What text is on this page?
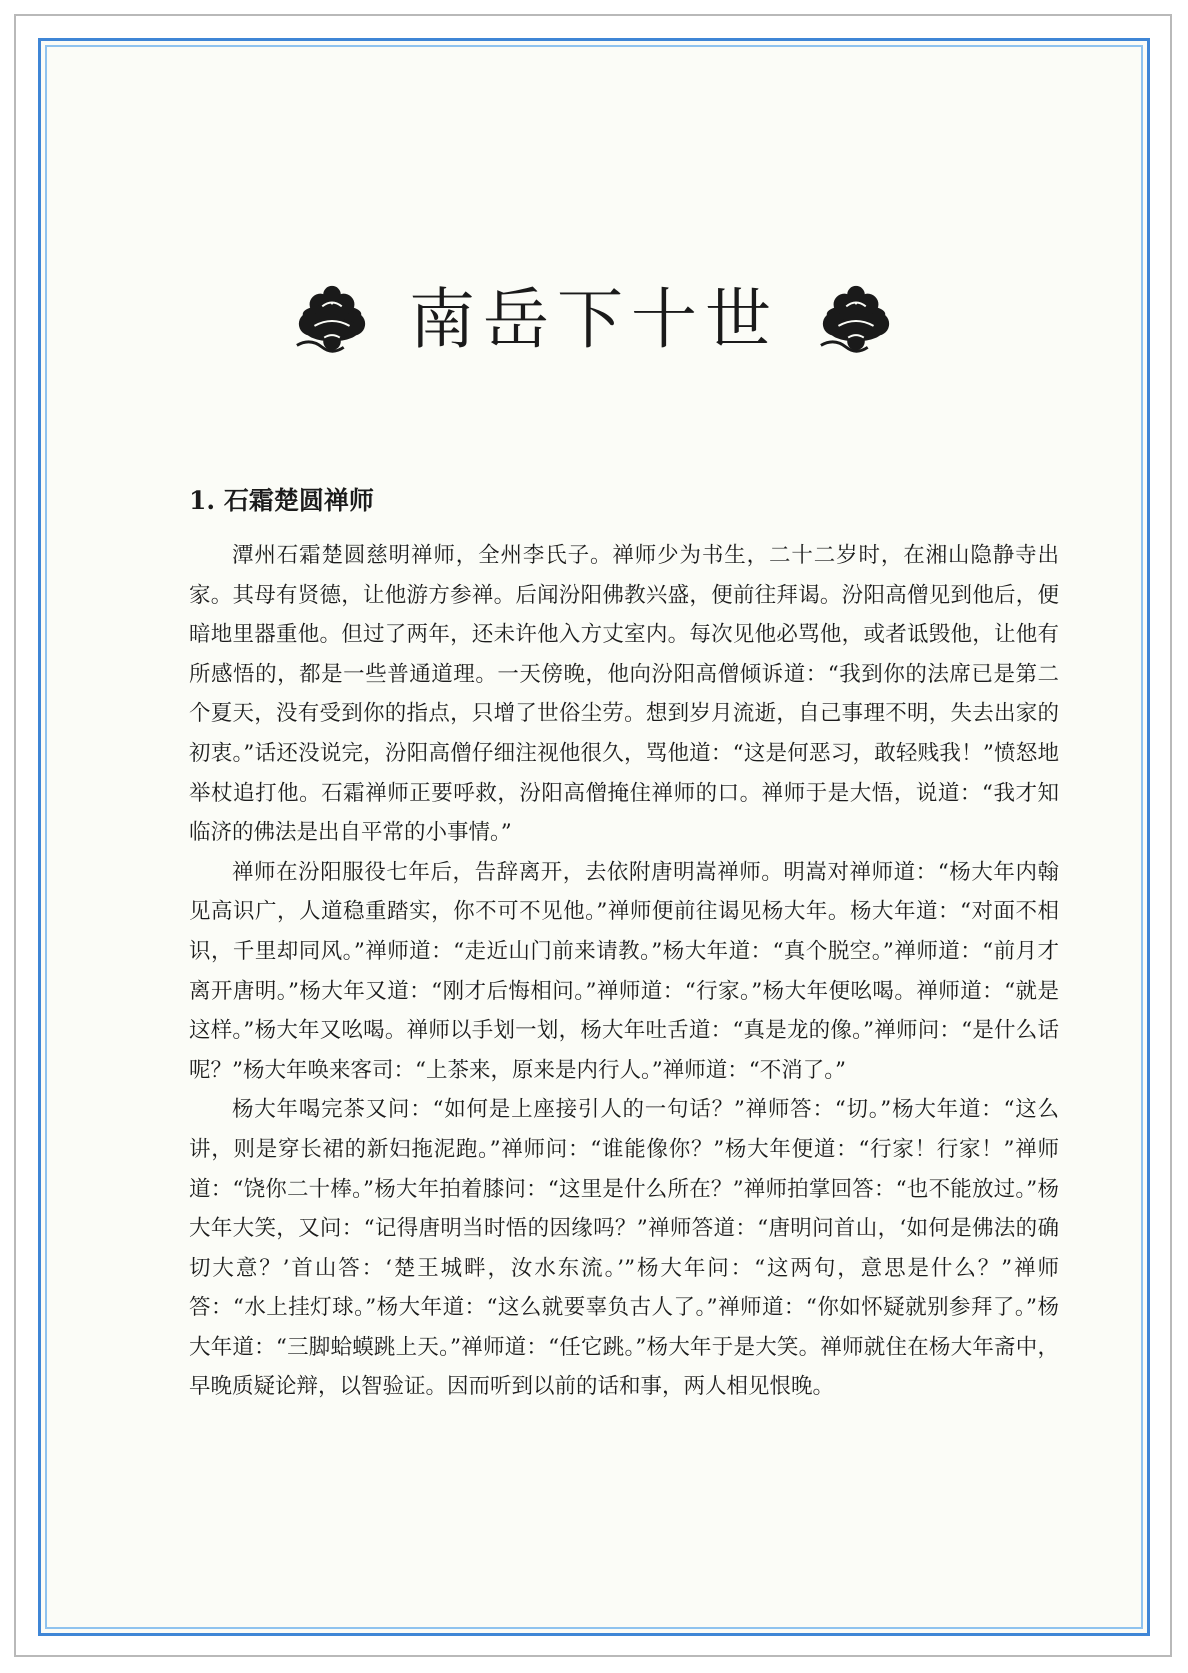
南岳下十世
1. 石霜楚圆禅师

潭州石霜楚圆慈明禅师，全州李氏子。禅师少为书生，二十二岁时，在湘山隐静寺出家。其母有贤德，让他游方参禅。后闻汾阳佛教兴盛，便前往拜谒。汾阳高僧见到他后，便暗地里器重他。但过了两年，还未许他入方丈室内。每次见他必骂他，或者诋毁他，让他有所感悟的，都是一些普通道理。一天傍晚，他向汾阳高僧倾诉道：“我到你的法席已是第二个夏天，没有受到你的指点，只增了世俗尘劳。想到岁月流逝，自己事理不明，失去出家的初衷。”话还没说完，汾阳高僧仔细注视他很久，骂他道：“这是何恶习，敢轻贱我！”愤怒地举杖追打他。石霜禅师正要呼救，汾阳高僧掩住禅师的口。禅师于是大悟，说道：“我才知临济的佛法是出自平常的小事情。”

禅师在汾阳服役七年后，告辞离开，去依附唐明嵩禅师。明嵩对禅师道：“杨大年内翰见高识广，人道稳重踏实，你不可不见他。”禅师便前往谒见杨大年。杨大年道：“对面不相识，千里却同风。”禅师道：“走近山门前来请教。”杨大年道：“真个脱空。”禅师道：“前月才离开唐明。”杨大年又道：“刚才后悔相问。”禅师道：“行家。”杨大年便吆喝。禅师道：“就是这样。”杨大年又吆喝。禅师以手划一划，杨大年吐舌道：“真是龙的像。”禅师问：“是什么话呢？”杨大年唤来客司：“上茶来，原来是内行人。”禅师道：“不消了。”

杨大年喝完茶又问：“如何是上座接引人的一句话？”禅师答：“切。”杨大年道：“这么讲，则是穿长裙的新妇拖泥跑。”禅师问：“谁能像你？”杨大年便道：“行家！行家！”禅师道：“饶你二十棒。”杨大年拍着膝问：“这里是什么所在？”禅师拍掌回答：“也不能放过。”杨大年大笑，又问：“记得唐明当时悟的因缘吗？”禅师答道：“唐明问首山，‘如何是佛法的确切大意？’首山答：‘楚王城畔，汝水东流。’”杨大年问：“这两句，意思是什么？”禅师答：“水上挂灯球。”杨大年道：“这么就要辜负古人了。”禅师道：“你如怀疑就别参拜了。”杨大年道：“三脚蛤蟆跳上天。”禅师道：“任它跳。”杨大年于是大笑。禅师就住在杨大年斋中，早晚质疑论辩，以智验证。因而听到以前的话和事，两人相见恨晚。
